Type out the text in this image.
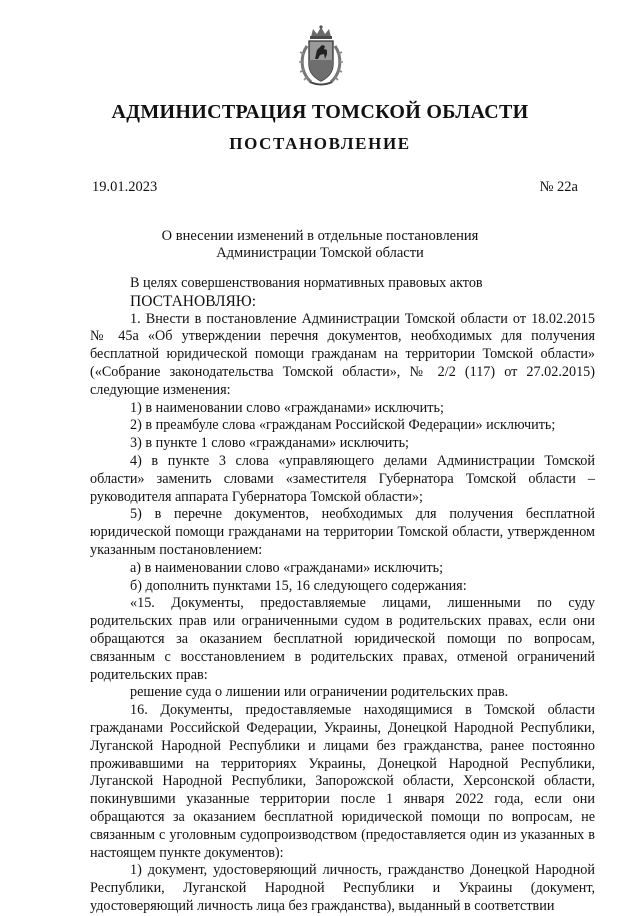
АДМИНИСТРАЦИЯ ТОМСКОЙ ОБЛАСТИ
ПОСТАНОВЛЕНИЕ
19.01.2023	№ 22а
О внесении изменений в отдельные постановления
Администрации Томской области

В целях совершенствования нормативных правовых актов

ПОСТАНОВЛЯЮ:

1. Внести в постановление Администрации Томской области от 18.02.2015 № 45а «Об утверждении перечня документов, необходимых для получения бесплатной юридической помощи гражданам на территории Томской области» («Собрание законодательства Томской области», № 2/2 (117) от 27.02.2015) следующие изменения:

1) в наименовании слово «гражданами» исключить;

2) в преамбуле слова «гражданам Российской Федерации» исключить;

3) в пункте 1 слово «гражданами» исключить;

4) в пункте 3 слова «управляющего делами Администрации Томской области» заменить словами «заместителя Губернатора Томской области – руководителя аппарата Губернатора Томской области»;

5) в перечне документов, необходимых для получения бесплатной юридической помощи гражданами на территории Томской области, утвержденном указанным постановлением:

а) в наименовании слово «гражданами» исключить;

б) дополнить пунктами 15, 16 следующего содержания:

«15. Документы, предоставляемые лицами, лишенными по суду родительских прав или ограниченными судом в родительских правах, если они обращаются за оказанием бесплатной юридической помощи по вопросам, связанным с восстановлением в родительских правах, отменой ограничений родительских прав:

решение суда о лишении или ограничении родительских прав.

16. Документы, предоставляемые находящимися в Томской области гражданами Российской Федерации, Украины, Донецкой Народной Республики, Луганской Народной Республики и лицами без гражданства, ранее постоянно проживавшими на территориях Украины, Донецкой Народной Республики, Луганской Народной Республики, Запорожской области, Херсонской области, покинувшими указанные территории после 1 января 2022 года, если они обращаются за оказанием бесплатной юридической помощи по вопросам, не связанным с уголовным судопроизводством (предоставляется один из указанных в настоящем пункте документов):

1) документ, удостоверяющий личность, гражданство Донецкой Народной Республики, Луганской Народной Республики и Украины (документ, удостоверяющий личность лица без гражданства), выданный в соответствии
